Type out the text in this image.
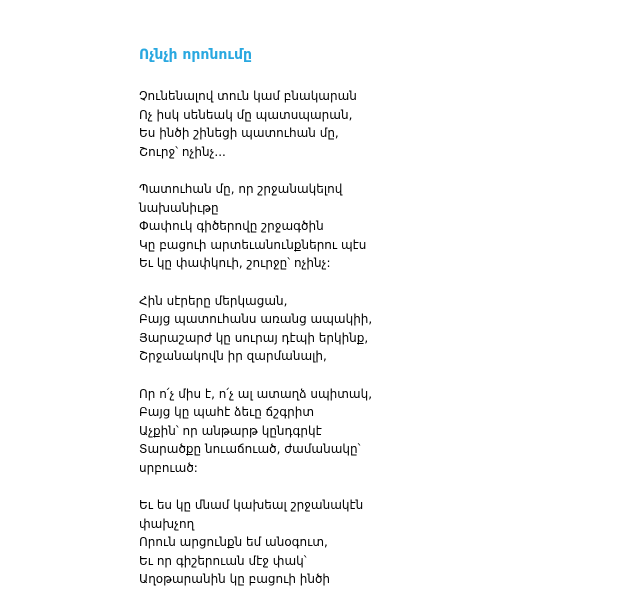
Ոչնչի որոնումը
Չունենալով տուն կամ բնակարան
Ոչ իսկ սենեակ մը պատսպարան,
Ես ինծի շինեցի պատուհան մը,
Շուրջ՝ ոչինչ...
Պատուհան մը, որ շրջանակելով
նախանիւթը
Փափուկ գիծերովը շրջագծին
Կը բացուի արտեւանունքներու պէս
Եւ կը փափկուի, շուրջը՝ ոչինչ:
Հին սէրերը մերկացան,
Բայց պատուհանս առանց ապակիի,
Յարաշարժ կը սուրայ դէպի երկինք,
Շրջանակովն իր զարմանալի,
Որ ո՛չ միս է, ո՛չ ալ ատաղձ սպիտակ,
Բայց կը պահէ ձեւը ճշգրիտ
Աչքին՝ որ անթարթ կընդգրկէ
Տարածքը նուաճուած, ժամանակը՝
սրբուած:
Եւ ես կը մնամ կախեալ շրջանակէն
փախչող
Որուն արցունքն եմ անօգուտ,
Եւ որ գիշերուան մէջ փակ՝
Աղօթարանին կը բացուի ինծի
